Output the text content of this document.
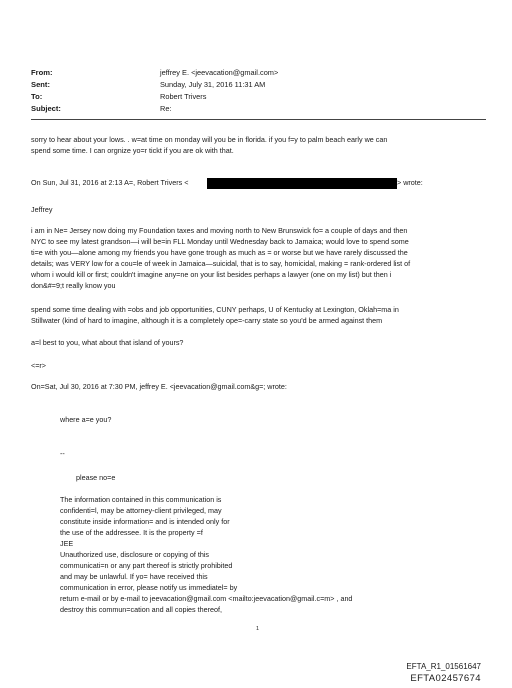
From:	jeffrey E. <jeevacation@gmail.com>
Sent:	Sunday, July 31, 2016 11:31 AM
To:	Robert Trivers
Subject:	Re:
sorry to hear about your lows. . w=at time on monday will you be in florida. if you f=y to palm beach early we can
spend some time. I can orgnize yo=r tickt if you are ok with that.
On Sun, Jul 31, 2016 at 2:13 A=, Robert Trivers <	> wrote:
Jeffrey
i am in Ne= Jersey now doing my Foundation taxes and moving north to New Brunswick fo= a couple of days and then
NYC to see my latest grandson—i will be=in FLL Monday until Wednesday back to Jamaica; would love to spend some
ti=e with you—alone among my friends you have gone trough as much as = or worse but we have rarely discussed the
details; was VERY low for a cou=le of week in Jamaica—suicidal, that is to say, homicidal, making = rank-ordered list of
whom i would kill or first; couldn't imagine any=ne on your list besides perhaps a lawyer (one on my list) but then i
don&#=9;t really know you
spend some time dealing with =obs and job opportunities, CUNY perhaps, U of Kentucky at Lexington, Oklah=ma in
Stillwater (kind of hard to imagine, although it is a completely ope=-carry state so you'd be armed against them
a=l best to you, what about that island of yours?
<=r>
On=Sat, Jul 30, 2016 at 7:30 PM, jeffrey E. <jeevacation@gmail.com&g=; wrote:
where a=e you?
--
please no=e
The information contained in this communication is
confidenti=l, may be attorney-client privileged, may
constitute inside information= and is intended only for
the use of the addressee. It is the property =f
JEE
Unauthorized use, disclosure or copying of this
communicati=n or any part thereof is strictly prohibited
and may be unlawful. If yo= have received this
communication in error, please notify us immediatel= by
return e-mail or by e-mail to jeevacation@gmail.com <mailto:jeevacation@gmail.c=m> , and
destroy this commun=cation and all copies thereof,
1
EFTA_R1_01561647
EFTA02457674
